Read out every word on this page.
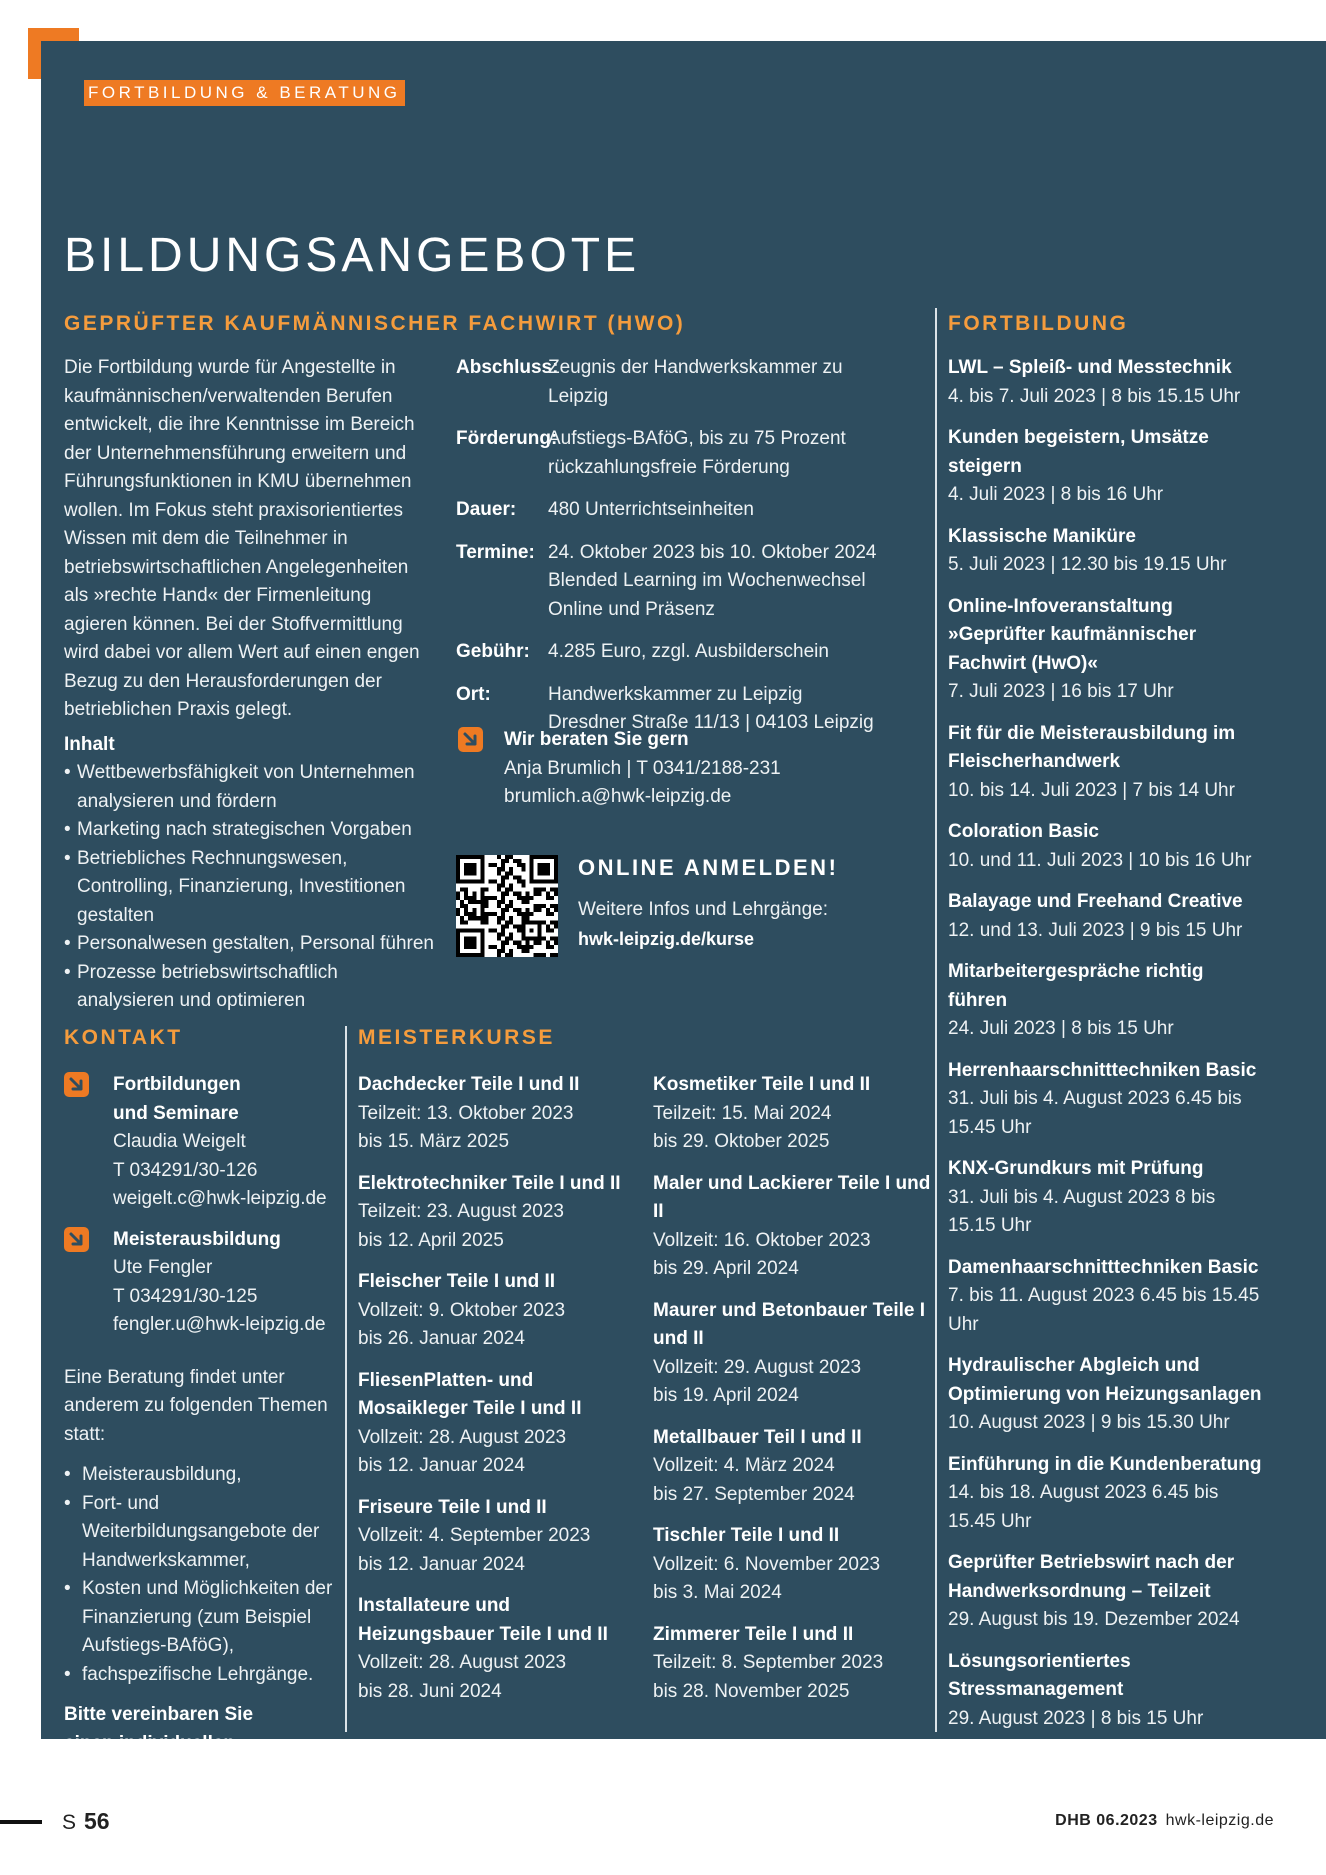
FORTBILDUNG & BERATUNG
BILDUNGSANGEBOTE
GEPRÜFTER KAUFMÄNNISCHER FACHWIRT (HWO)

Die Fortbildung wurde für Angestellte in kaufmännischen/verwaltenden Berufen entwickelt, die ihre Kenntnisse im Bereich der Unternehmensführung erweitern und Führungsfunktionen in KMU übernehmen wollen. Im Fokus steht praxisorientiertes Wissen mit dem die Teilnehmer in betriebswirtschaftlichen Angelegenheiten als »rechte Hand« der Firmenleitung agieren können. Bei der Stoffvermittlung wird dabei vor allem Wert auf einen engen Bezug zu den Herausforderungen der betrieblichen Praxis gelegt.

Inhalt

• Wettbewerbsfähigkeit von Unternehmen analysieren und fördern
• Marketing nach strategischen Vorgaben
• Betriebliches Rechnungswesen, Controlling, Finanzierung, Investitionen gestalten
• Personalwesen gestalten, Personal führen
• Prozesse betriebswirtschaftlich analysieren und optimieren
Abschluss:
Zeugnis der Handwerkskammer zu Leipzig
Förderung:
Aufstiegs-BAföG, bis zu 75 Prozent
rückzahlungsfreie Förderung
Dauer:	480 Unterrichtseinheiten
Termine: 24. Oktober 2023 bis 10. Oktober 2024
Blended Learning im Wochenwechsel
Online und Präsenz
Gebühr: 4.285 Euro, zzgl. Ausbilderschein
Ort:	Handwerkskammer zu Leipzig
Dresdner Straße 11/13 | 04103 Leipzig
Wir beraten Sie gern
Anja Brumlich | T 0341/2188-231
brumlich.a@hwk-leipzig.de
ONLINE ANMELDEN!
Weitere Infos und Lehrgänge:
hwk-leipzig.de/kurse
FORTBILDUNG
LWL – Spleiß- und Messtechnik
4. bis 7. Juli 2023 | 8 bis 15.15 Uhr
Kunden begeistern, Umsätze steigern
4. Juli 2023 | 8 bis 16 Uhr
Klassische Maniküre
5. Juli 2023 | 12.30 bis 19.15 Uhr
Online-Infoveranstaltung »Geprüfter kaufmännischer Fachwirt (HwO)«
7. Juli 2023 | 16 bis 17 Uhr
Fit für die Meisterausbildung im Fleischerhandwerk
10. bis 14. Juli 2023 | 7 bis 14 Uhr
Coloration Basic
10. und 11. Juli 2023 | 10 bis 16 Uhr
Balayage und Freehand Creative
12. und 13. Juli 2023 | 9 bis 15 Uhr
Mitarbeitergespräche richtig führen
24. Juli 2023 | 8 bis 15 Uhr
Herrenhaarschnitttechniken Basic
31. Juli bis 4. August 2023 6.45 bis 15.45 Uhr
KNX-Grundkurs mit Prüfung
31. Juli bis 4. August 2023 8 bis 15.15 Uhr
Damenhaarschnitttechniken Basic
7. bis 11. August 2023 6.45 bis 15.45 Uhr
Hydraulischer Abgleich und Optimierung von Heizungsanlagen
10. August 2023 | 9 bis 15.30 Uhr
Einführung in die Kundenberatung
14. bis 18. August 2023 6.45 bis 15.45 Uhr
Geprüfter Betriebswirt nach der Handwerksordnung – Teilzeit
29. August bis 19. Dezember 2024
Lösungsorientiertes Stressmanagement
29. August 2023 | 8 bis 15 Uhr
KONTAKT
Fortbildungen und Seminare
Claudia Weigelt
T 034291/30-126
weigelt.c@hwk-leipzig.de
Meisterausbildung
Ute Fengler
T 034291/30-125
fengler.u@hwk-leipzig.de

Eine Beratung findet unter anderem zu folgenden Themen statt:

• Meisterausbildung,
• Fort- und Weiterbildungsangebote der Handwerkskammer,
• Kosten und Möglichkeiten der Finanzierung (zum Beispiel Aufstiegs-BAföG),
• fachspezifische Lehrgänge.

Bitte vereinbaren Sie einen individuellen Termin.

MEISTERKURSE
Dachdecker Teile I und II
Teilzeit: 13. Oktober 2023
bis 15. März 2025
Elektrotechniker Teile I und II
Teilzeit: 23. August 2023
bis 12. April 2025
Fleischer Teile I und II
Vollzeit: 9. Oktober 2023
bis 26. Januar 2024
FliesenPlatten- und Mosaikleger Teile I und II
Vollzeit: 28. August 2023
bis 12. Januar 2024
Friseure Teile I und II
Vollzeit: 4. September 2023
bis 12. Januar 2024
Installateure und Heizungsbauer Teile I und II
Vollzeit: 28. August 2023
bis 28. Juni 2024
Kosmetiker Teile I und II
Teilzeit: 15. Mai 2024
bis 29. Oktober 2025
Maler und Lackierer Teile I und II
Vollzeit: 16. Oktober 2023
bis 29. April 2024
Maurer und Betonbauer Teile I und II
Vollzeit: 29. August 2023
bis 19. April 2024
Metallbauer Teil I und II
Vollzeit: 4. März 2024
bis 27. September 2024
Tischler Teile I und II
Vollzeit: 6. November 2023
bis 3. Mai 2024
Zimmerer Teile I und II
Teilzeit: 8. September 2023
bis 28. November 2025
S 56	DHB 06.2023 hwk-leipzig.de
